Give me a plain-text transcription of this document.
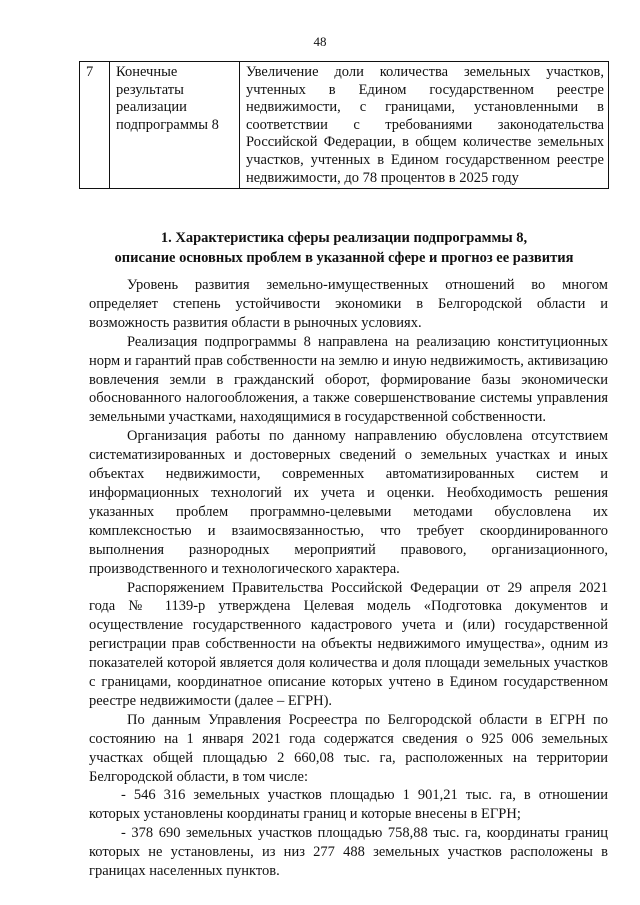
48
7	Конечные результаты реализации подпрограммы 8	Увеличение доли количества земельных участков, учтенных в Едином государственном реестре недвижимости, с границами, установленными в соответствии с требованиями законодательства Российской Федерации, в общем количестве земельных участков, учтенных в Едином государственном реестре недвижимости, до 78 процентов в 2025 году
1. Характеристика сферы реализации подпрограммы 8,
описание основных проблем в указанной сфере и прогноз ее развития

Уровень развития земельно-имущественных отношений во многом определяет степень устойчивости экономики в Белгородской области и возможность развития области в рыночных условиях.

Реализация подпрограммы 8 направлена на реализацию конституционных норм и гарантий прав собственности на землю и иную недвижимость, активизацию вовлечения земли в гражданский оборот, формирование базы экономически обоснованного налогообложения, а также совершенствование системы управления земельными участками, находящимися в государственной собственности.

Организация работы по данному направлению обусловлена отсутствием систематизированных и достоверных сведений о земельных участках и иных объектах недвижимости, современных автоматизированных систем и информационных технологий их учета и оценки. Необходимость решения указанных проблем программно-целевыми методами обусловлена их комплексностью и взаимосвязанностью, что требует скоординированного выполнения разнородных мероприятий правового, организационного, производственного и технологического характера.

Распоряжением Правительства Российской Федерации от 29 апреля 2021 года № 1139-р утверждена Целевая модель «Подготовка документов и осуществление государственного кадастрового учета и (или) государственной регистрации прав собственности на объекты недвижимого имущества», одним из показателей которой является доля количества и доля площади земельных участков с границами, координатное описание которых учтено в Едином государственном реестре недвижимости (далее – ЕГРН).

По данным Управления Росреестра по Белгородской области в ЕГРН по состоянию на 1 января 2021 года содержатся сведения о 925 006 земельных участках общей площадью 2 660,08 тыс. га, расположенных на территории Белгородской области, в том числе:

- 546 316 земельных участков площадью 1 901,21 тыс. га, в отношении которых установлены координаты границ и которые внесены в ЕГРН;

- 378 690 земельных участков площадью 758,88 тыс. га, координаты границ которых не установлены, из низ 277 488 земельных участков расположены в границах населенных пунктов.
